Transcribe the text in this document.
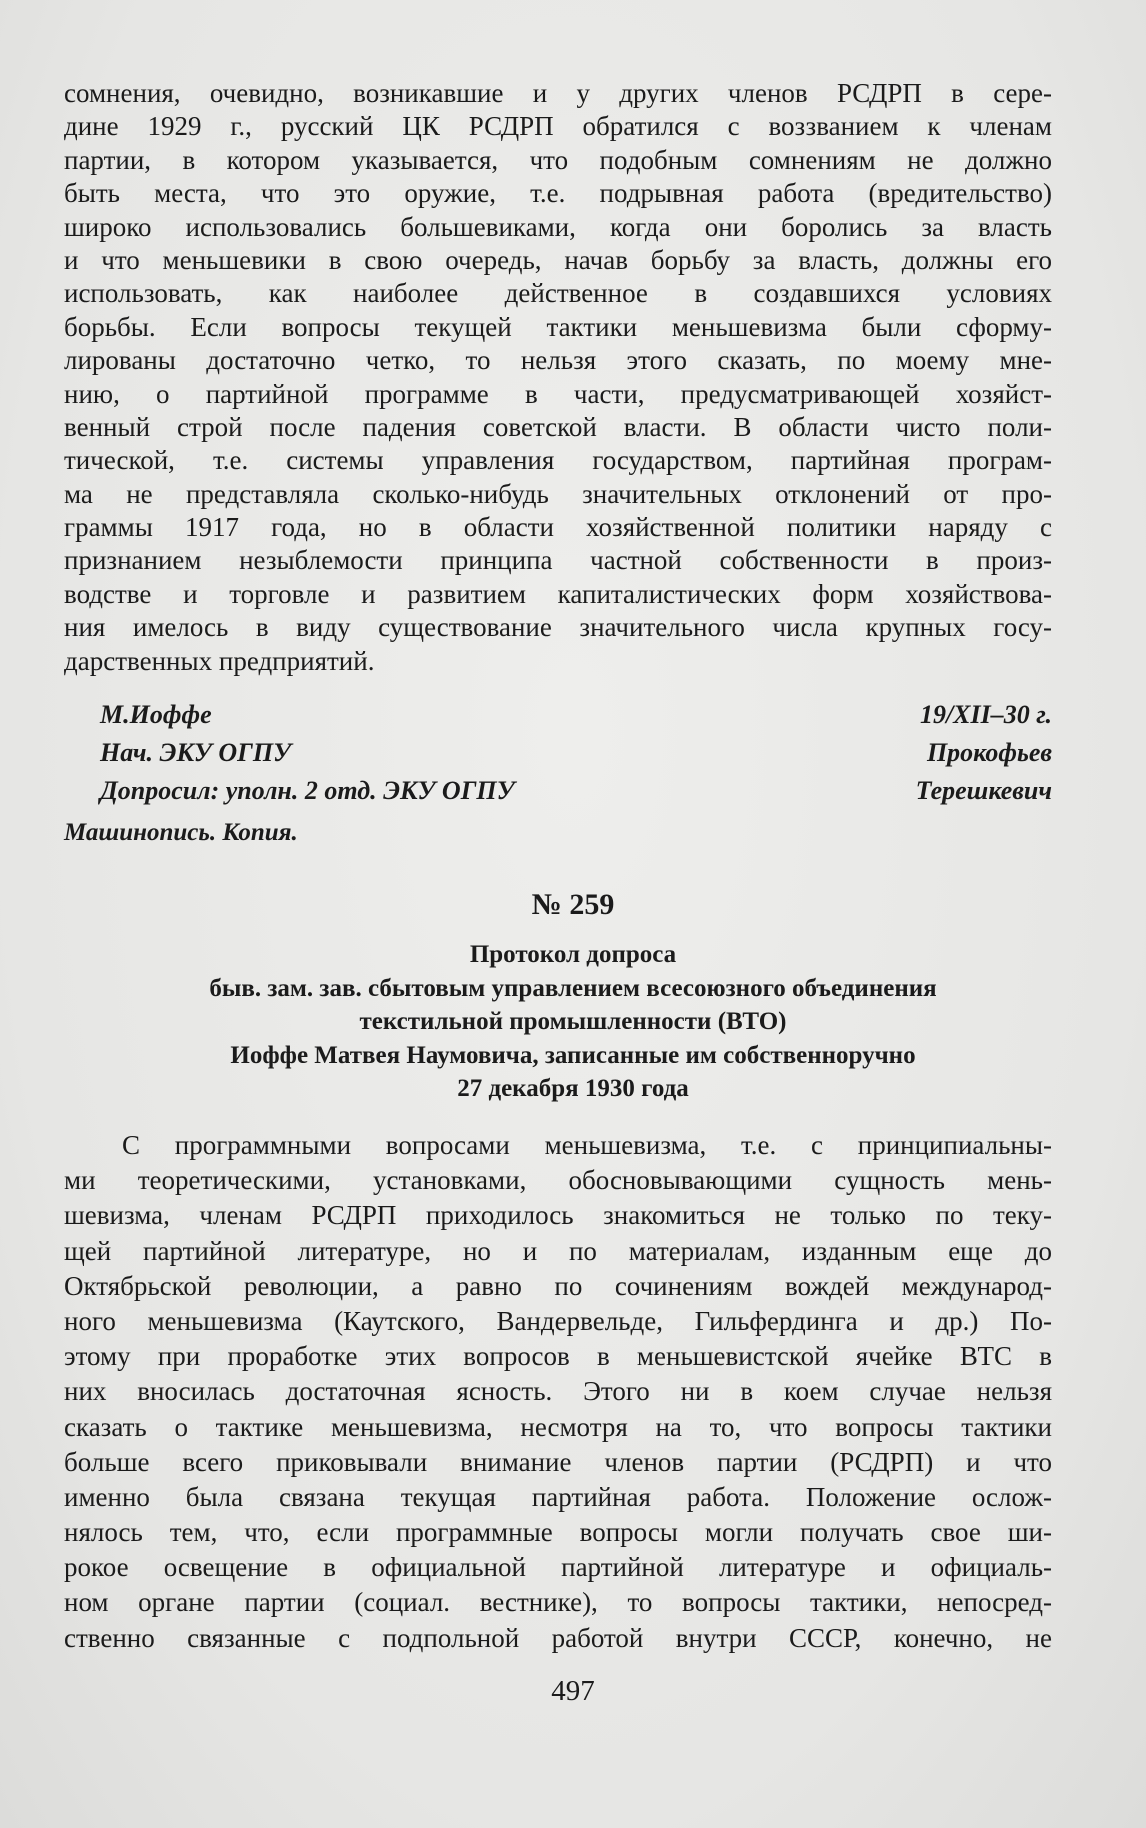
сомнения, очевидно, возникавшие и у других членов РСДРП в сере-
дине 1929 г., русский ЦК РСДРП обратился с воззванием к членам
партии, в котором указывается, что подобным сомнениям не должно
быть места, что это оружие, т.е. подрывная работа (вредительство)
широко использовались большевиками, когда они боролись за власть
и что меньшевики в свою очередь, начав борьбу за власть, должны его
использовать, как наиболее действенное в создавшихся условиях
борьбы. Если вопросы текущей тактики меньшевизма были сформу-
лированы достаточно четко, то нельзя этого сказать, по моему мне-
нию, о партийной программе в части, предусматривающей хозяйст-
венный строй после падения советской власти. В области чисто поли-
тической, т.е. системы управления государством, партийная програм-
ма не представляла сколько-нибудь значительных отклонений от про-
граммы 1917 года, но в области хозяйственной политики наряду с
признанием незыблемости принципа частной собственности в произ-
водстве и торговле и развитием капиталистических форм хозяйствова-
ния имелось в виду существование значительного числа крупных госу-
дарственных предприятий.
М.Иоффе	19/XII–30 г.
Нач. ЭКУ ОГПУ	Прокофьев
Допросил: уполн. 2 отд. ЭКУ ОГПУ	Терешкевич
Машинопись. Копия.
№ 259
Протокол допроса
быв. зам. зав. сбытовым управлением всесоюзного объединения
текстильной промышленности (ВТО)
Иоффе Матвея Наумовича, записанные им собственноручно
27 декабря 1930 года
С программными вопросами меньшевизма, т.е. с принципиальны-
ми теоретическими, установками, обосновывающими сущность мень-
шевизма, членам РСДРП приходилось знакомиться не только по теку-
щей партийной литературе, но и по материалам, изданным еще до
Октябрьской революции, а равно по сочинениям вождей международ-
ного меньшевизма (Каутского, Вандервельде, Гильфердинга и др.) По-
этому при проработке этих вопросов в меньшевистской ячейке ВТС в
них вносилась достаточная ясность. Этого ни в коем случае нельзя
сказать о тактике меньшевизма, несмотря на то, что вопросы тактики
больше всего приковывали внимание членов партии (РСДРП) и что
именно была связана текущая партийная работа. Положение ослож-
нялось тем, что, если программные вопросы могли получать свое ши-
рокое освещение в официальной партийной литературе и официаль-
ном органе партии (социал. вестнике), то вопросы тактики, непосред-
ственно связанные с подпольной работой внутри СССР, конечно, не
497
